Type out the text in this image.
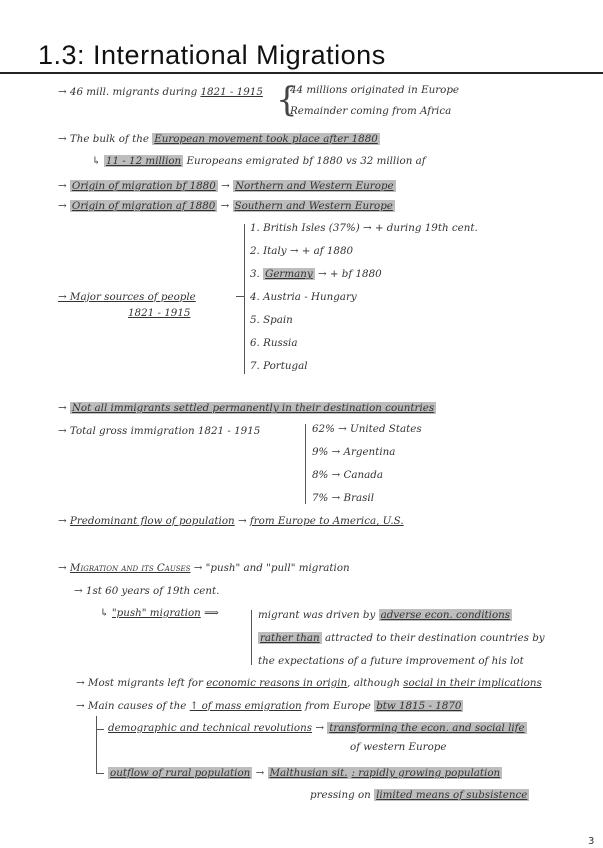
1.3: International Migrations
→ 46 mill. migrants during 1821 - 1915 {
44 millions originated in Europe
Remainder coming from Africa
→ The bulk of the European movement took place after 1880
↳ 11 - 12 million Europeans emigrated bf 1880 vs 32 million af
→ Origin of migration bf 1880 → Northern and Western Europe
→ Origin of migration af 1880 → Southern and Western Europe
→ Major sources of people
1821 - 1915
1. British Isles (37%) → + during 19th cent.
2. Italy → + af 1880
3. Germany → + bf 1880
4. Austria - Hungary
5. Spain
6. Russia
7. Portugal
→ Not all immigrants settled permanently in their destination countries
→ Total gross immigration 1821 - 1915	62% → United States
9% → Argentina
8% → Canada
7% → Brasil
→ Predominant flow of population → from Europe to America, U.S.
→ Migration and its Causes → "push" and "pull" migration
→ 1st 60 years of 19th cent.
↳ "push" migration ⟹	migrant was driven by adverse econ. conditions
rather than attracted to their destination countries by
the expectations of a future improvement of his lot
→ Most migrants left for economic reasons in origin, although social in their implications
→ Main causes of the ↑ of mass emigration from Europe btw 1815 - 1870
demographic and technical revolutions → transforming the econ. and social life
of western Europe
outflow of rural population → Malthusian sit. : rapidly growing population
pressing on limited means of subsistence
3
